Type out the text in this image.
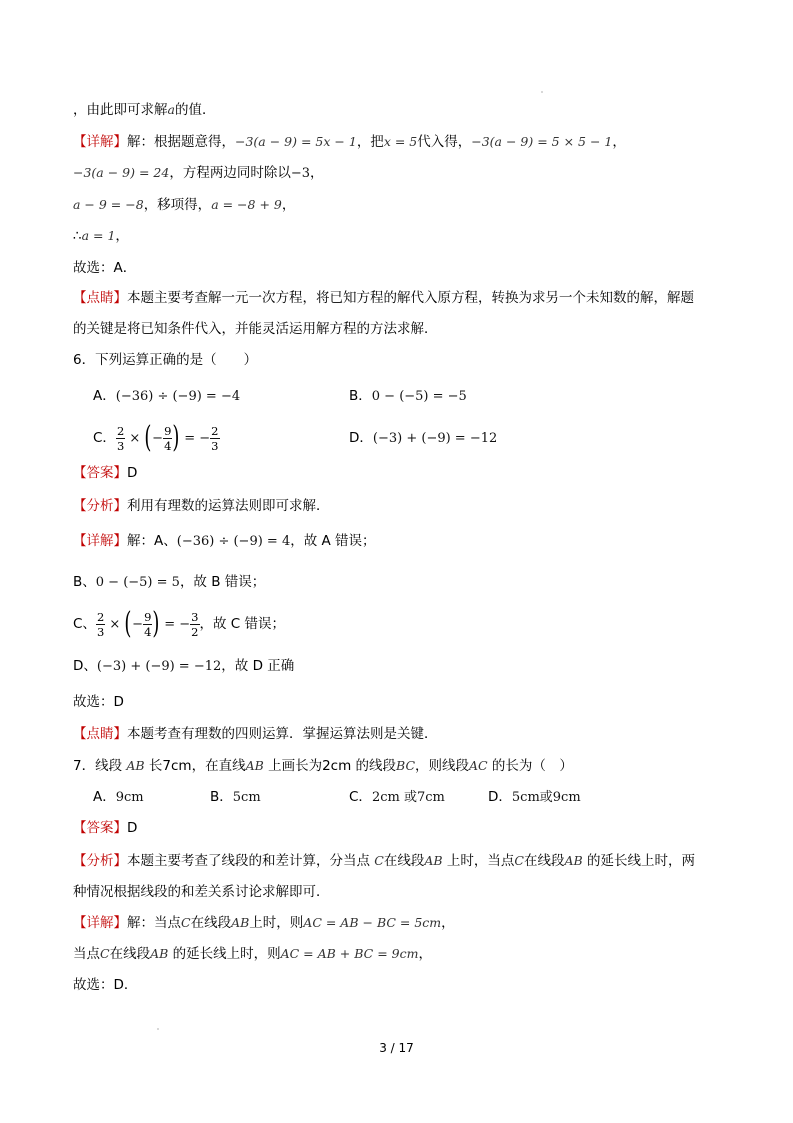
，由此即可求解a的值．
【详解】解：根据题意得，−3(a − 9) = 5x − 1，把x = 5代入得，−3(a − 9) = 5 × 5 − 1，
−3(a − 9) = 24，方程两边同时除以−3，
a − 9 = −8，移项得，a = −8 + 9，
∴a = 1，
故选：A．
【点睛】本题主要考查解一元一次方程，将已知方程的解代入原方程，转换为求另一个未知数的解，解题
的关键是将已知条件代入，并能灵活运用解方程的方法求解．
6．下列运算正确的是（　　）
A．(−36) ÷ (−9) = −4	B．0 − (−5) = −5
C． $\frac{2}{3}$ × (− $\frac{9}{4}$ ) = − $\frac{2}{3}$	D．(−3) + (−9) = −12
【答案】D
【分析】利用有理数的运算法则即可求解．
【详解】解：A、(−36) ÷ (−9) = 4，故 A 错误；
B、0 − (−5) = 5，故 B 错误；
C、 $\frac{2}{3}$ × (− $\frac{9}{4}$ ) = − $\frac{3}{2}$ ，故 C 错误；
D、(−3) + (−9) = −12，故 D 正确
故选：D
【点睛】本题考查有理数的四则运算．掌握运算法则是关键．
7．线段 AB 长7cm，在直线AB 上画长为2cm 的线段BC，则线段AC 的长为（　）
A．9cm	B．5cm	C．2cm 或7cm	D．5cm或9cm
【答案】D
【分析】本题主要考查了线段的和差计算，分当点 C在线段AB 上时，当点C在线段AB 的延长线上时，两
种情况根据线段的和差关系讨论求解即可．
【详解】解：当点C在线段AB上时，则AC = AB − BC = 5cm，
当点C在线段AB 的延长线上时，则AC = AB + BC = 9cm，
故选：D．
3 / 17
